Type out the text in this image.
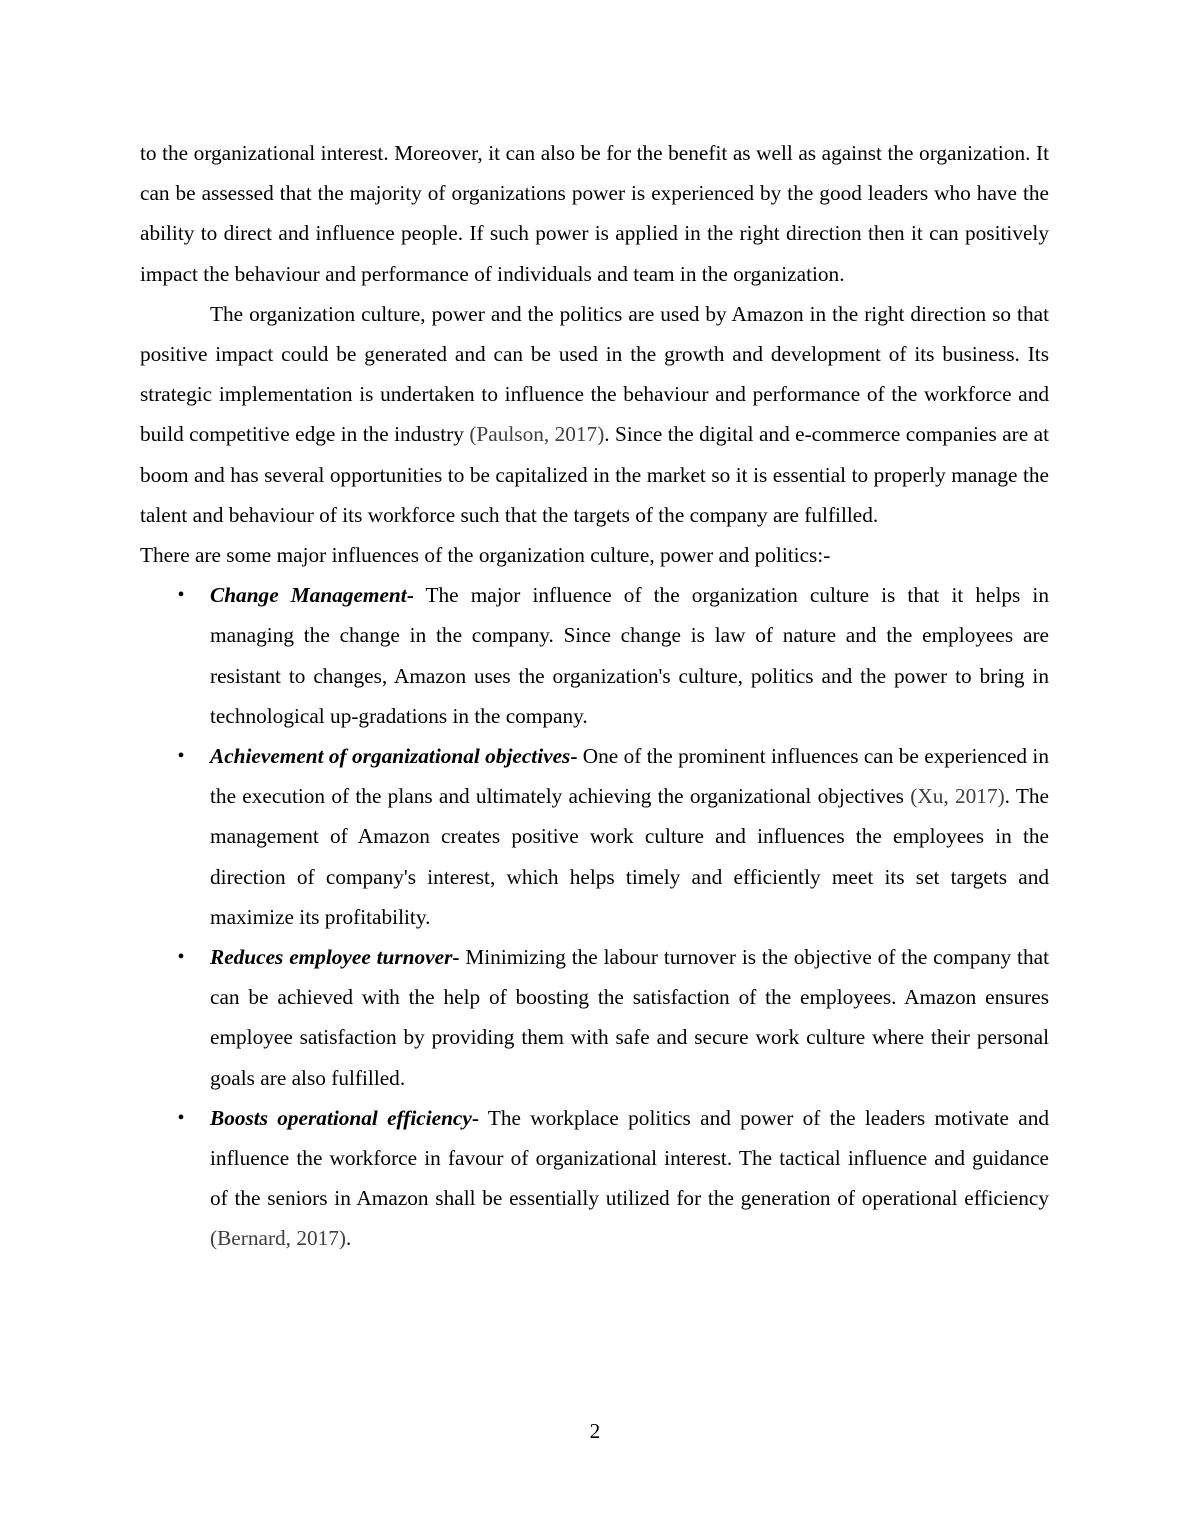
to the organizational interest. Moreover, it can also be for the benefit as well as against the organization. It can be assessed that the majority of organizations power is experienced by the good leaders who have the ability to direct and influence people. If such power is applied in the right direction then it can positively impact the behaviour and performance of individuals and team in the organization.

The organization culture, power and the politics are used by Amazon in the right direction so that positive impact could be generated and can be used in the growth and development of its business. Its strategic implementation is undertaken to influence the behaviour and performance of the workforce and build competitive edge in the industry (Paulson, 2017). Since the digital and e-commerce companies are at boom and has several opportunities to be capitalized in the market so it is essential to properly manage the talent and behaviour of its workforce such that the targets of the company are fulfilled.

There are some major influences of the organization culture, power and politics:-

• Change Management- The major influence of the organization culture is that it helps in managing the change in the company. Since change is law of nature and the employees are resistant to changes, Amazon uses the organization's culture, politics and the power to bring in technological up-gradations in the company.
• Achievement of organizational objectives- One of the prominent influences can be experienced in the execution of the plans and ultimately achieving the organizational objectives (Xu, 2017). The management of Amazon creates positive work culture and influences the employees in the direction of company's interest, which helps timely and efficiently meet its set targets and maximize its profitability.
• Reduces employee turnover- Minimizing the labour turnover is the objective of the company that can be achieved with the help of boosting the satisfaction of the employees. Amazon ensures employee satisfaction by providing them with safe and secure work culture where their personal goals are also fulfilled.
• Boosts operational efficiency- The workplace politics and power of the leaders motivate and influence the workforce in favour of organizational interest. The tactical influence and guidance of the seniors in Amazon shall be essentially utilized for the generation of operational efficiency (Bernard, 2017).
2
